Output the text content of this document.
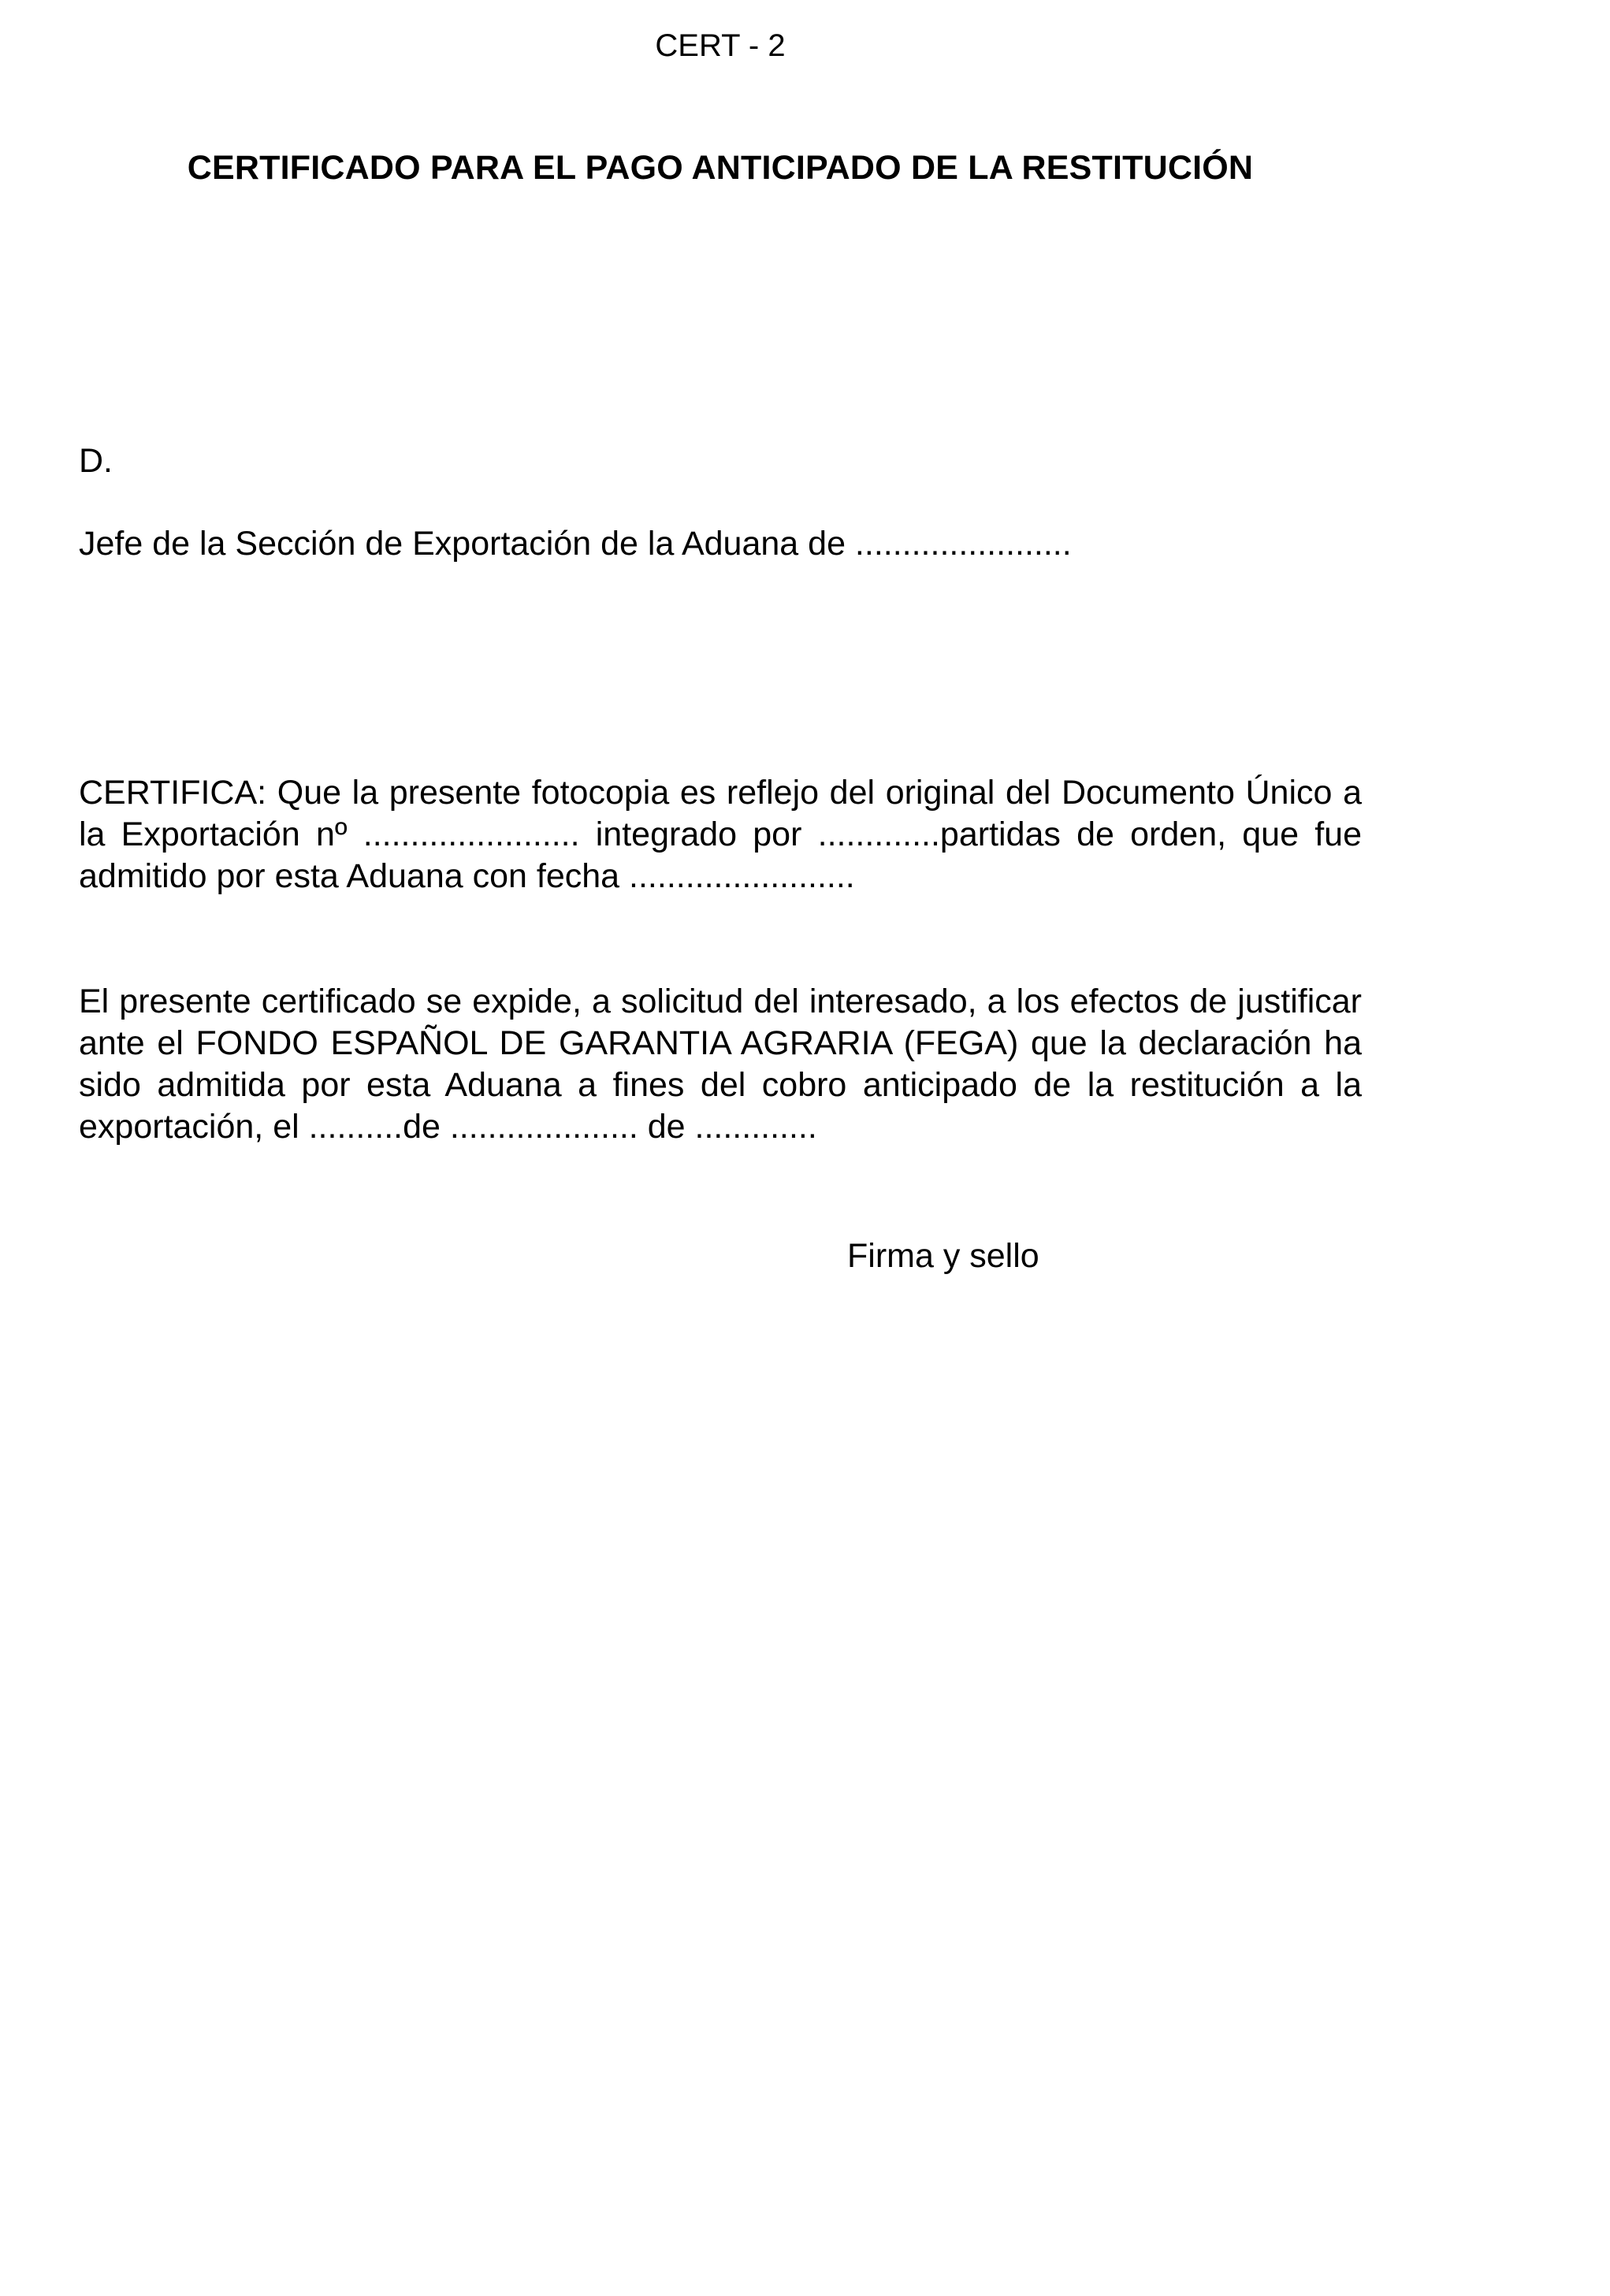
CERT - 2
CERTIFICADO PARA EL PAGO ANTICIPADO DE LA RESTITUCIÓN
D.
Jefe de la Sección de Exportación de la Aduana de .......................
CERTIFICA: Que la presente fotocopia es reflejo del original del Documento Único a la Exportación nº ....................... integrado por .............partidas de orden, que fue admitido por esta Aduana con fecha ........................
El presente certificado se expide, a solicitud del interesado, a los efectos de justificar ante el FONDO ESPAÑOL DE GARANTIA AGRARIA (FEGA) que la declaración ha sido admitida por esta Aduana a fines del cobro anticipado de la restitución a la exportación, el ..........de .................... de .............
Firma y sello
